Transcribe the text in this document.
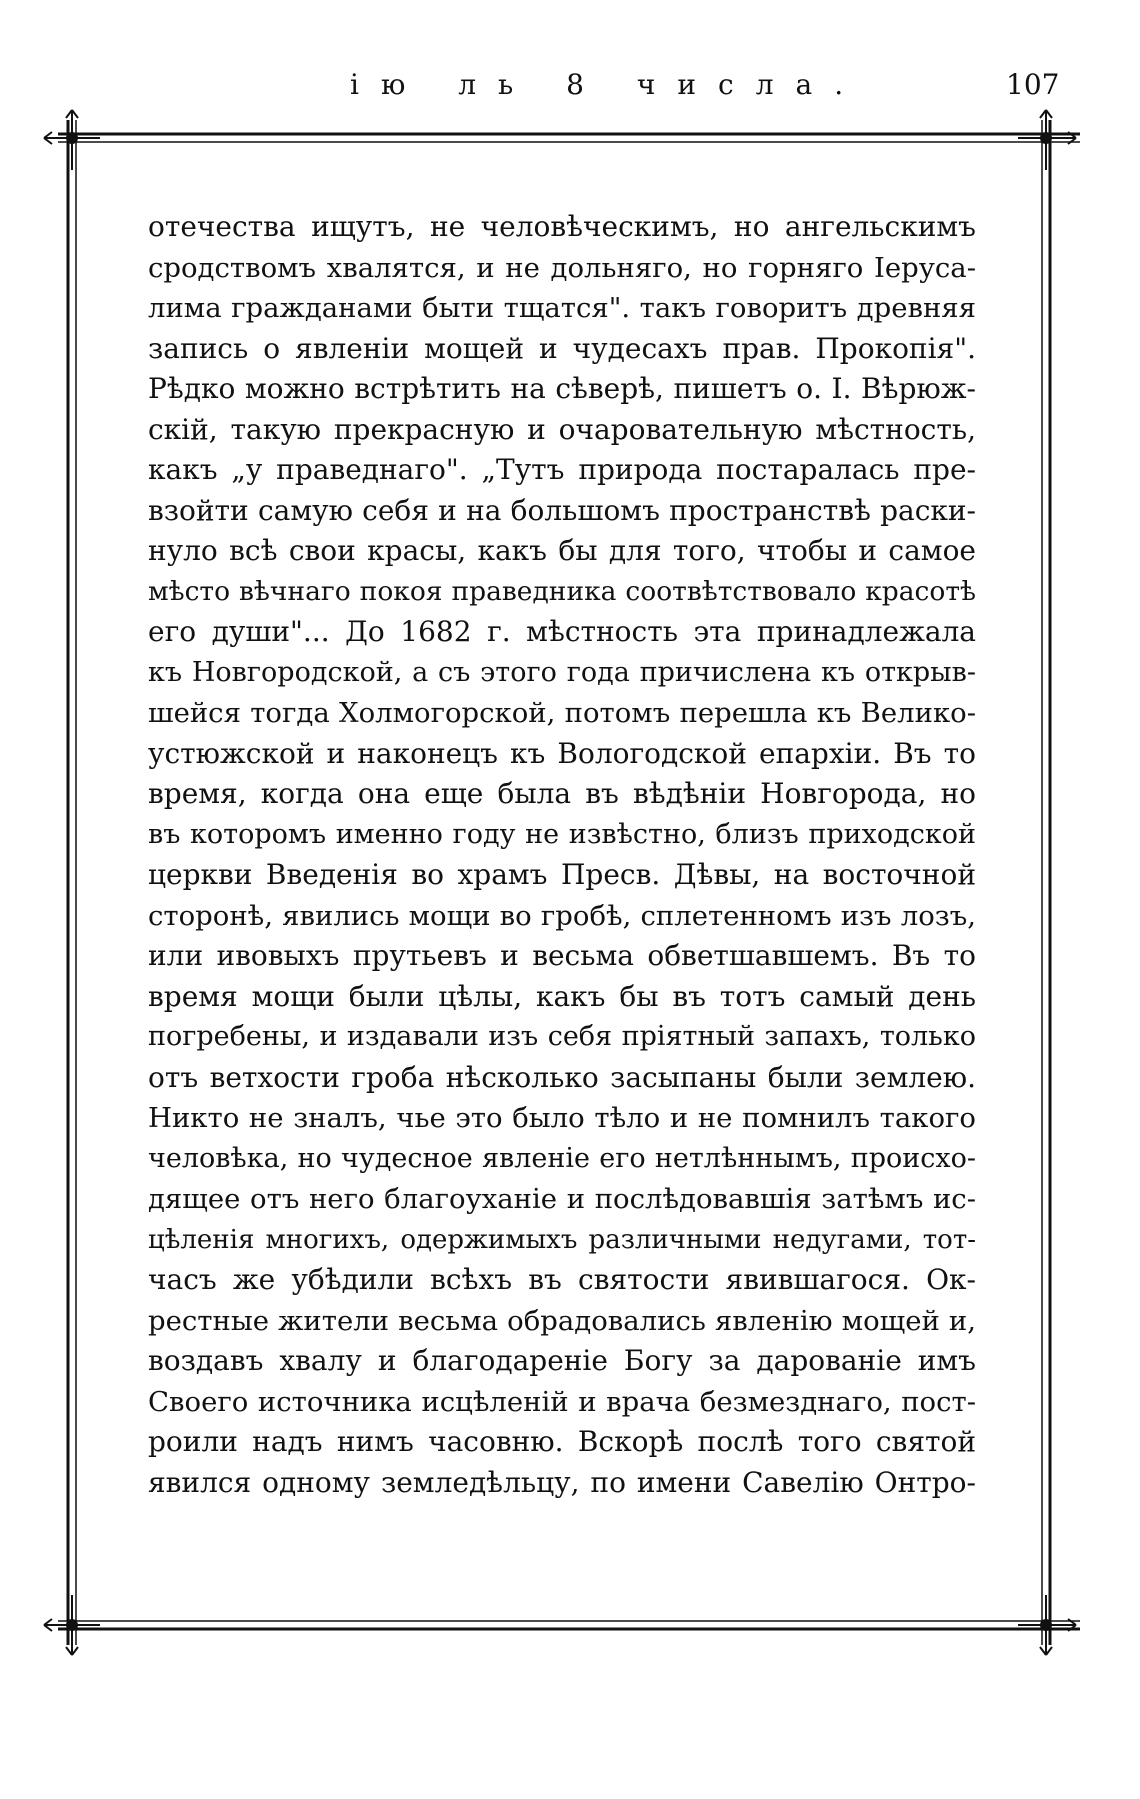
ію ль 8 числа.	107
отечества ищутъ, не человѣческимъ, но ангельскимъ
сродствомъ хвалятся, и не дольняго, но горняго Іеруса-
лима гражданами быти тщатся". такъ говоритъ древняя
запись о явленіи мощей и чудесахъ прав. Прокопія".
Рѣдко можно встрѣтить на сѣверѣ, пишетъ о. І. Вѣрюж-
скій, такую прекрасную и очаровательную мѣстность,
какъ „у праведнаго". „Тутъ природа постаралась пре-
взойти самую себя и на большомъ пространствѣ раски-
нуло всѣ свои красы, какъ бы для того, чтобы и самое
мѣсто вѣчнаго покоя праведника соотвѣтствовало красотѣ
его души"... До 1682 г. мѣстность эта принадлежала
къ Новгородской, а съ этого года причислена къ открыв-
шейся тогда Холмогорской, потомъ перешла къ Велико-
устюжской и наконецъ къ Вологодской епархіи. Въ то
время, когда она еще была въ вѣдѣніи Новгорода, но
въ которомъ именно году не извѣстно, близъ приходской
церкви Введенія во храмъ Пресв. Дѣвы, на восточной
сторонѣ, явились мощи во гробѣ, сплетенномъ изъ лозъ,
или ивовыхъ прутьевъ и весьма обветшавшемъ. Въ то
время мощи были цѣлы, какъ бы въ тотъ самый день
погребены, и издавали изъ себя пріятный запахъ, только
отъ ветхости гроба нѣсколько засыпаны были землею.
Никто не зналъ, чье это было тѣло и не помнилъ такого
человѣка, но чудесное явленіе его нетлѣннымъ, происхо-
дящее отъ него благоуханіе и послѣдовавшія затѣмъ ис-
цѣленія многихъ, одержимыхъ различными недугами, тот-
часъ же убѣдили всѣхъ въ святости явившагося. Ок-
рестные жители весьма обрадовались явленію мощей и,
воздавъ хвалу и благодареніе Богу за дарованіе имъ
Своего источника исцѣленій и врача безмезднаго, пост-
роили надъ нимъ часовню. Вскорѣ послѣ того святой
явился одному земледѣльцу, по имени Савелію Онтро-
